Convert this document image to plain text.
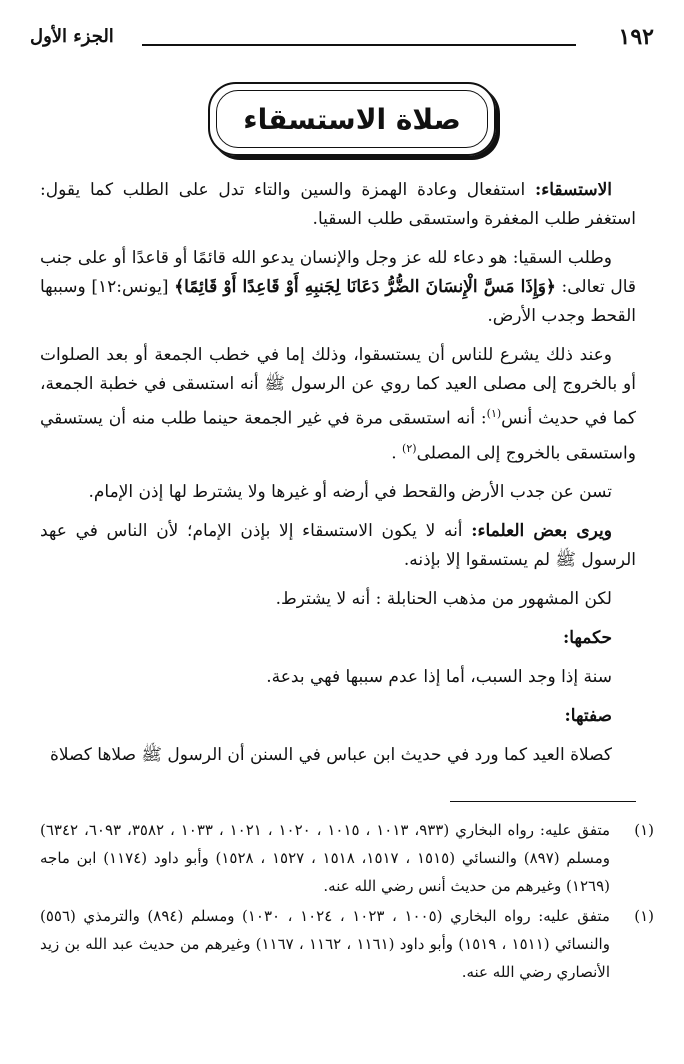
١٩٢
الجزء الأول
صلاة الاستسقاء

الاستسقاء: استفعال وعادة الهمزة والسين والتاء تدل على الطلب كما يقول: استغفر طلب المغفرة واستسقى طلب السقيا.

وطلب السقيا: هو دعاء لله عز وجل والإنسان يدعو الله قائمًا أو قاعدًا أو على جنب قال تعالى: ﴿وَإِذَا مَسَّ الْإِنسَانَ الضُّرُّ دَعَانَا لِجَنبِهِ أَوْ قَاعِدًا أَوْ قَائِمًا﴾ [يونس:١٢] وسببها القحط وجدب الأرض.

وعند ذلك يشرع للناس أن يستسقوا، وذلك إما في خطب الجمعة أو بعد الصلوات أو بالخروج إلى مصلى العيد كما روي عن الرسول ﷺ أنه استسقى في خطبة الجمعة، كما في حديث أنس$^{(١)}$: أنه استسقى مرة في غير الجمعة حينما طلب منه أن يستسقي واستسقى بالخروج إلى المصلى$^{(٢)}$ .

تسن عن جدب الأرض والقحط في أرضه أو غيرها ولا يشترط لها إذن الإمام.

ويرى بعض العلماء: أنه لا يكون الاستسقاء إلا بإذن الإمام؛ لأن الناس في عهد الرسول ﷺ لم يستسقوا إلا بإذنه.

لكن المشهور من مذهب الحنابلة : أنه لا يشترط.

حكمها:

سنة إذا وجد السبب، أما إذا عدم سببها فهي بدعة.

صفتها:

كصلاة العيد كما ورد في حديث ابن عباس في السنن أن الرسول ﷺ صلاها كصلاة

(١)
متفق عليه: رواه البخاري (٩٣٣، ١٠١٣ ، ١٠١٥ ، ١٠٢٠ ، ١٠٢١ ، ١٠٣٣ ، ٣٥٨٢، ٦٠٩٣، ٦٣٤٢) ومسلم (٨٩٧) والنسائي (١٥١٥ ، ١٥١٧، ١٥١٨ ، ١٥٢٧ ، ١٥٢٨) وأبو داود (١١٧٤) ابن ماجه (١٢٦٩) وغيرهم من حديث أنس رضي الله عنه.
(١)
متفق عليه: رواه البخاري (١٠٠٥ ، ١٠٢٣ ، ١٠٢٤ ، ١٠٣٠) ومسلم (٨٩٤) والترمذي (٥٥٦) والنسائي (١٥١١ ، ١٥١٩) وأبو داود (١١٦١ ، ١١٦٢ ، ١١٦٧) وغيرهم من حديث عبد الله بن زيد الأنصاري رضي الله عنه.
